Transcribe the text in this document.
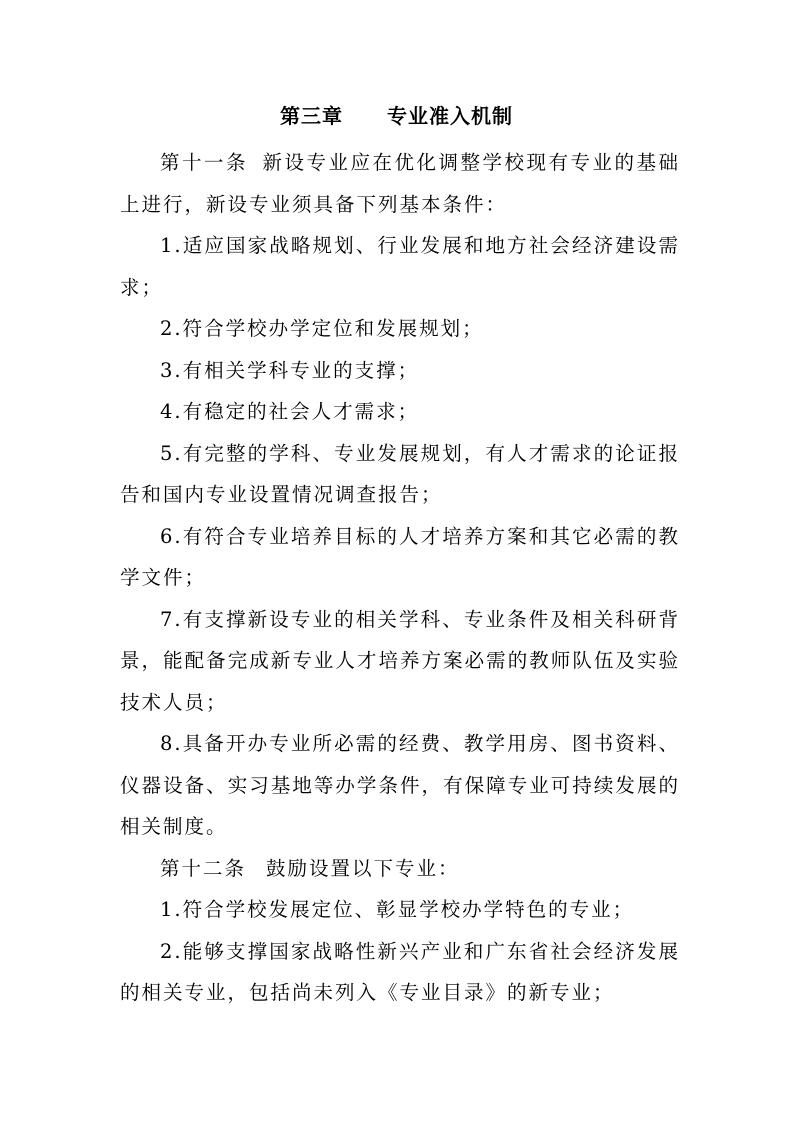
第三章 专业准入机制

第十一条 新设专业应在优化调整学校现有专业的基础上进行，新设专业须具备下列基本条件：

1.适应国家战略规划、行业发展和地方社会经济建设需求；

2.符合学校办学定位和发展规划；

3.有相关学科专业的支撑；

4.有稳定的社会人才需求；

5.有完整的学科、专业发展规划，有人才需求的论证报告和国内专业设置情况调查报告；

6.有符合专业培养目标的人才培养方案和其它必需的教学文件；

7.有支撑新设专业的相关学科、专业条件及相关科研背景，能配备完成新专业人才培养方案必需的教师队伍及实验技术人员；

8.具备开办专业所必需的经费、教学用房、图书资料、仪器设备、实习基地等办学条件，有保障专业可持续发展的相关制度。

第十二条 鼓励设置以下专业：

1.符合学校发展定位、彰显学校办学特色的专业；

2.能够支撑国家战略性新兴产业和广东省社会经济发展的相关专业，包括尚未列入《专业目录》的新专业；
